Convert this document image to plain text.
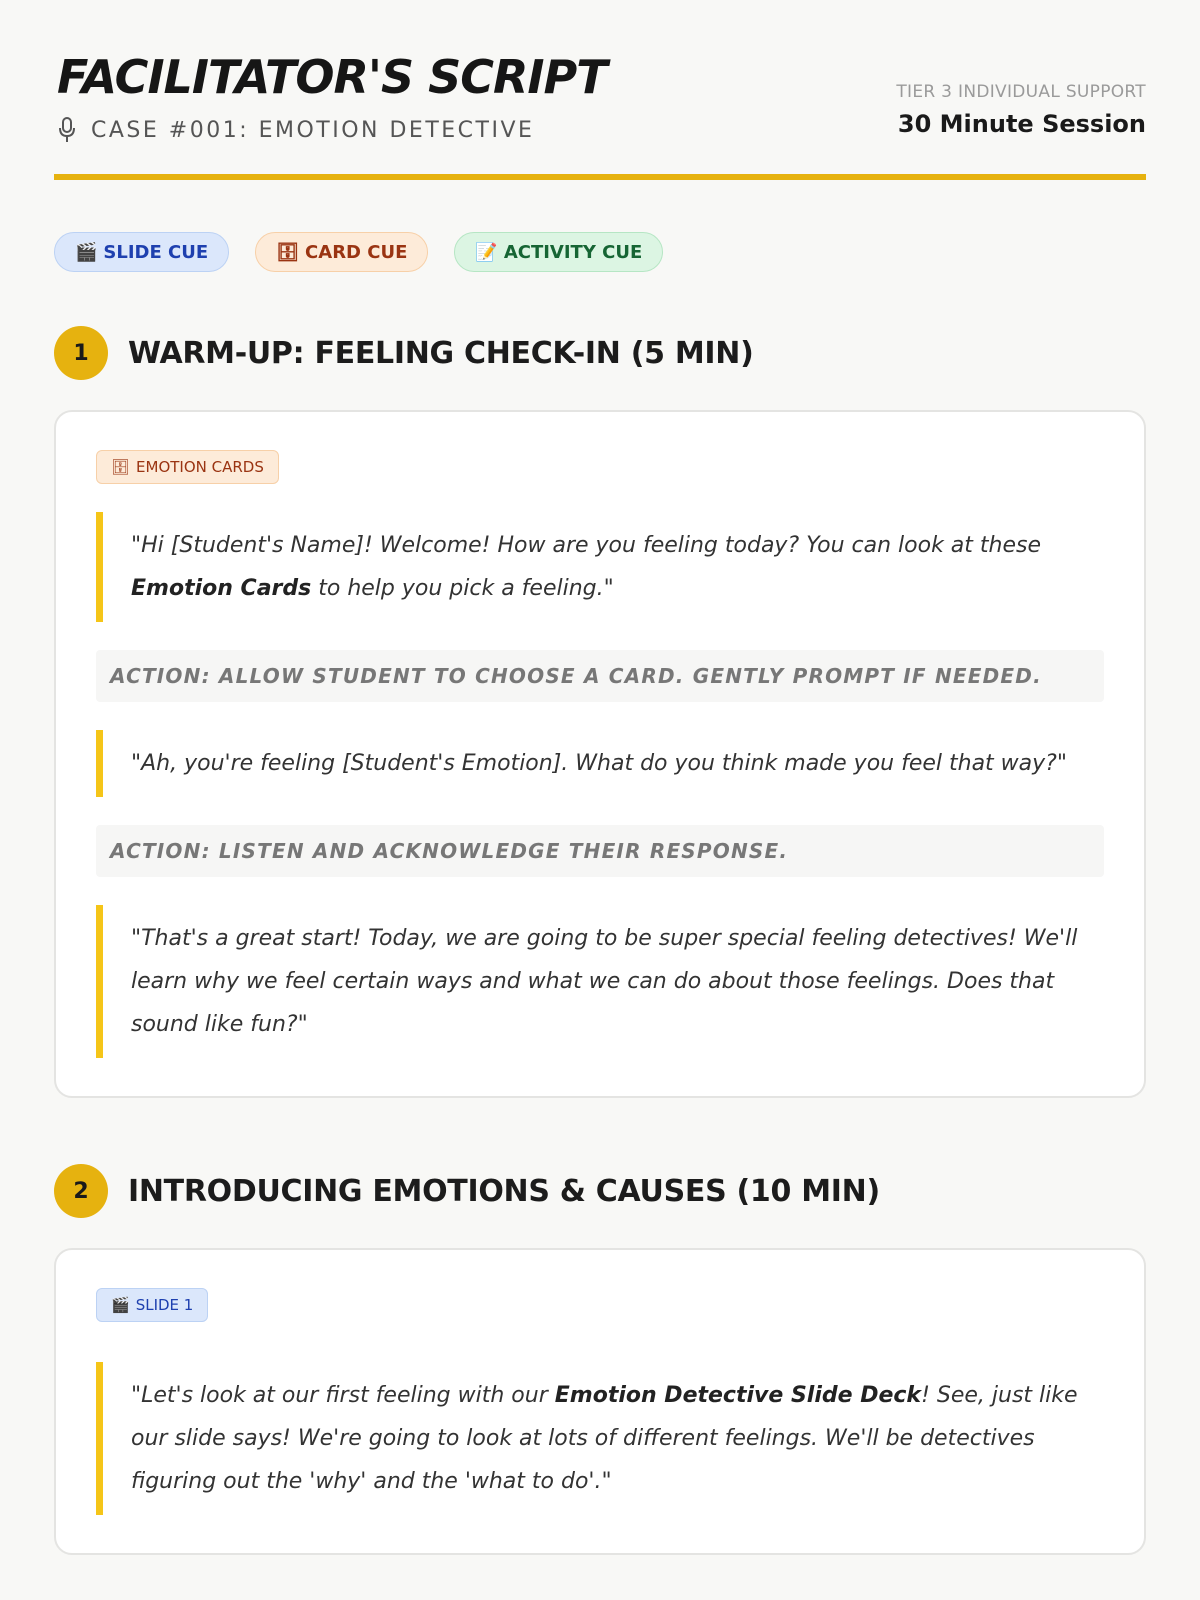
FACILITATOR'S SCRIPT
CASE #001: EMOTION DETECTIVE
TIER 3 INDIVIDUAL SUPPORT
30 Minute Session
🎬 SLIDE CUE	🗄 CARD CUE	📝 ACTIVITY CUE
1	WARM-UP: FEELING CHECK-IN (5 MIN)
🗄 EMOTION CARDS
"Hi [Student's Name]! Welcome! How are you feeling today? You can look at these Emotion Cards to help you pick a feeling."
ACTION: ALLOW STUDENT TO CHOOSE A CARD. GENTLY PROMPT IF NEEDED.
"Ah, you're feeling [Student's Emotion]. What do you think made you feel that way?"
ACTION: LISTEN AND ACKNOWLEDGE THEIR RESPONSE.
"That's a great start! Today, we are going to be super special feeling detectives! We'll learn why we feel certain ways and what we can do about those feelings. Does that sound like fun?"
2	INTRODUCING EMOTIONS & CAUSES (10 MIN)
🎬 SLIDE 1
"Let's look at our first feeling with our Emotion Detective Slide Deck! See, just like our slide says! We're going to look at lots of different feelings. We'll be detectives figuring out the 'why' and the 'what to do'."
